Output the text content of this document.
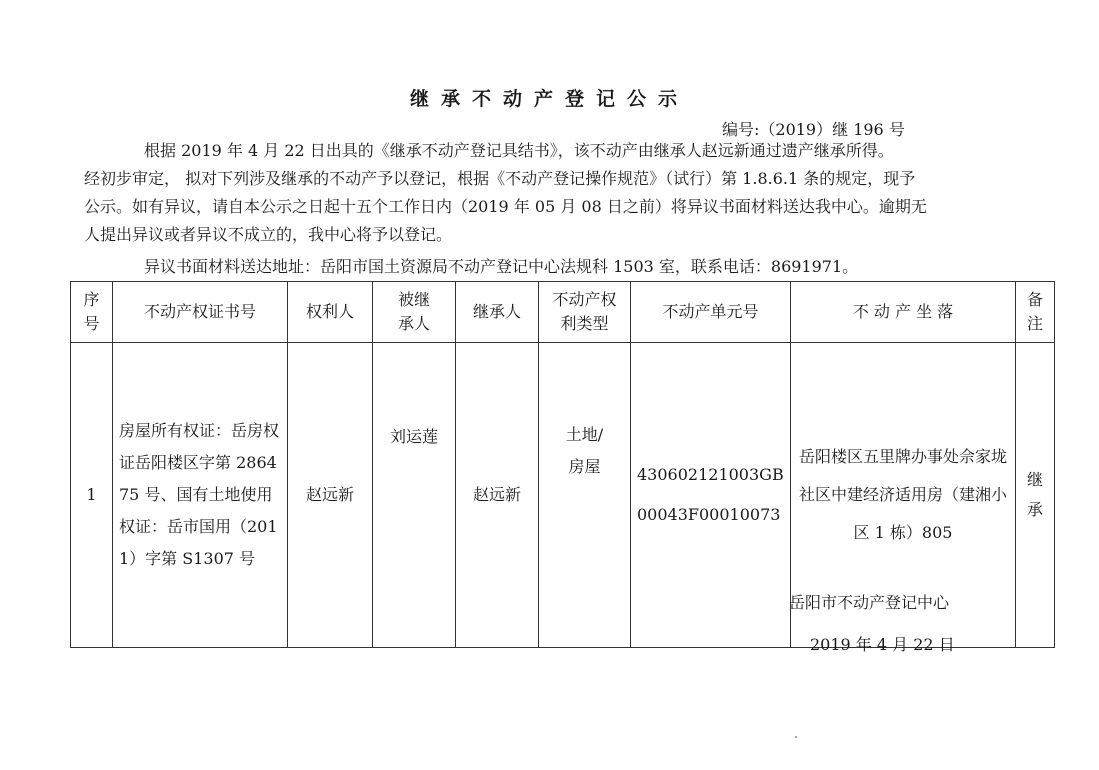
继承不动产登记公示
编号:（2019）继 196 号
根据 2019 年 4 月 22 日出具的《继承不动产登记具结书》，该不动产由继承人赵远新通过遗产继承所得。
经初步审定， 拟对下列涉及继承的不动产予以登记，根据《不动产登记操作规范》（试行）第 1.8.6.1 条的规定，现予
公示。如有异议，请自本公示之日起十五个工作日内（2019 年 05 月 08 日之前）将异议书面材料送达我中心。逾期无
人提出异议或者异议不成立的，我中心将予以登记。
异议书面材料送达地址：岳阳市国土资源局不动产登记中心法规科 1503 室，联系电话：8691971。
序号	不动产权证书号	权利人	被继承人	继承人	不动产权利类型	不动产单元号	不 动 产 坐 落	备注
1	房屋所有权证：岳房权证岳阳楼区字第 286475 号、国有土地使用权证：岳市国用（2011）字第 S1307 号	赵远新	刘运莲	赵远新	土地/房屋	430602121003GB00043F00010073	岳阳楼区五里牌办事处佘家垅社区中建经济适用房（建湘小区 1 栋）805	继承
岳阳市不动产登记中心
2019 年 4 月 22 日
